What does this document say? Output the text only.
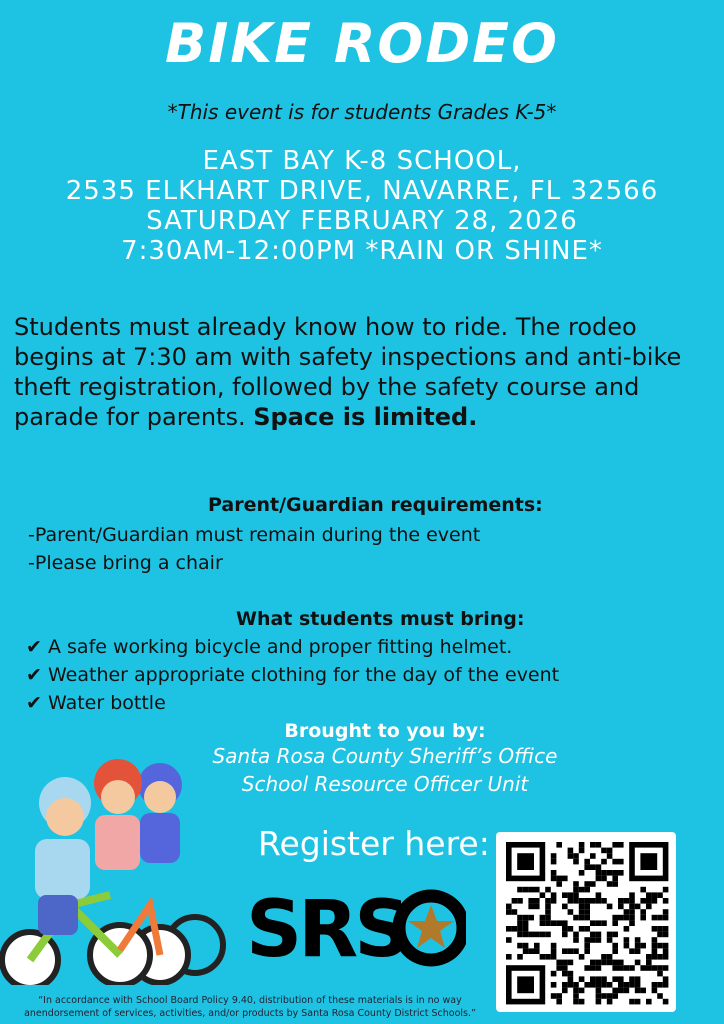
BIKE RODEO
*This event is for students Grades K-5*
EAST BAY K-8 SCHOOL,
2535 ELKHART DRIVE, NAVARRE, FL 32566
SATURDAY FEBRUARY 28, 2026
7:30AM-12:00PM *RAIN OR SHINE*
Students must already know how to ride. The rodeo begins at 7:30 am with safety inspections and anti-bike theft registration, followed by the safety course and parade for parents. Space is limited.
Parent/Guardian requirements:
-Parent/Guardian must remain during the event
-Please bring a chair
What students must bring:
✔ A safe working bicycle and proper fitting helmet.
✔ Weather appropriate clothing for the day of the event
✔ Water bottle
Brought to you by:
Santa Rosa County Sheriff’s Office
School Resource Officer Unit
Register here:
SRS
“In accordance with School Board Policy 9.40, distribution of these materials is in no way
anendorsement of services, activities, and/or products by Santa Rosa County District Schools.”
